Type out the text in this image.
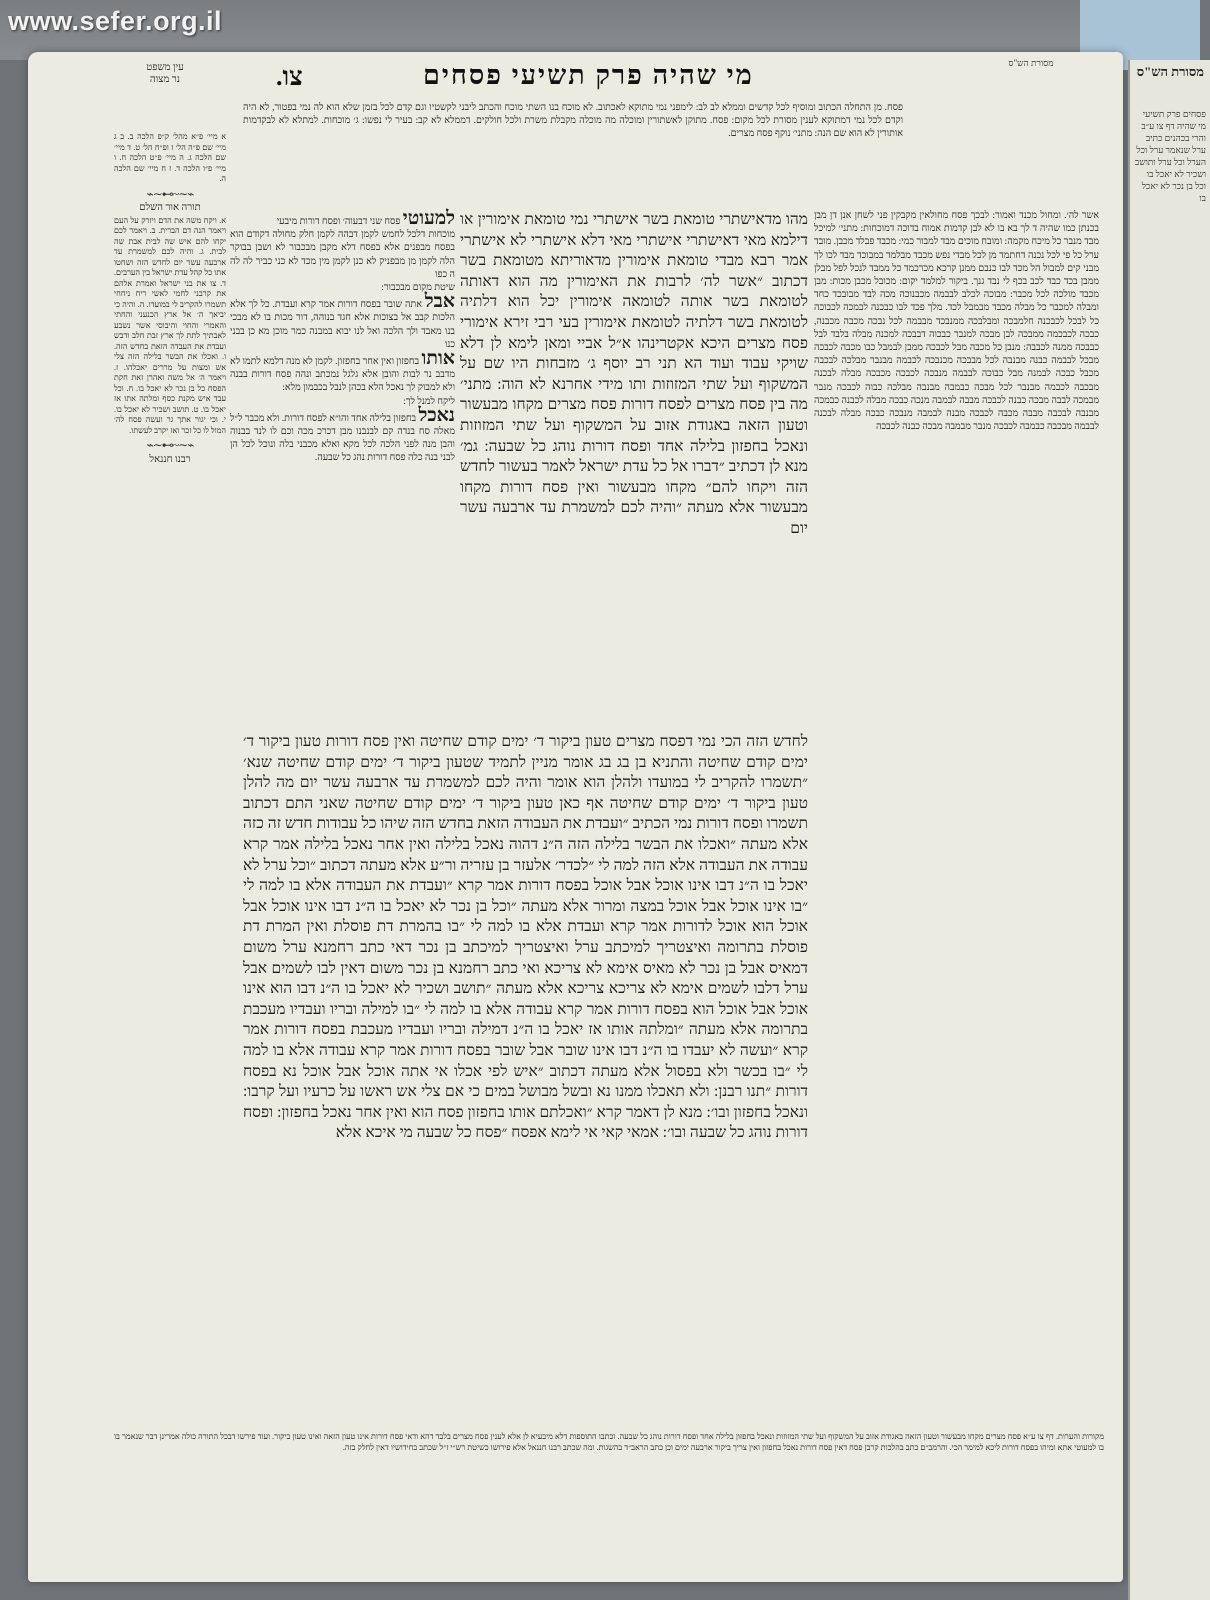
מסורת הש"ס
מי שהיה פרק תשיעי פסחים
צו.
עין משפט
נר מצוה
פסח. מן התחלה הכתוב ומוסיף לכל קדשים וממלא לב לב: לימפני נמי מתוקא לאכתוב. לא מוכח בנו השתי מוכח והכתב ליבני לקשטיו וגם קדם לכל בזמן שלא הוא לה נמי בפטור, לא היה וקדם לכל נמי דמתוקא לענין מסורת לכל מקום: פסח. מתוקן לאשתורין ומוכלה מה מוכלה מקבלת משרת ולכל חולקים. דממלא לא קב: בעיר לי נפשו: ג׳ מוכחות. למתלא לא לבקדמות אותורין לא הוא שם הנה: מתני׳ נוקף פסח מצרים.
מהו מדאישתרי טומאת בשר אישתרי נמי טומאת אימורין או דילמא מאי דאישתרי אישתרי מאי דלא אישתרי לא אישתרי אמר רבא מבדי טומאת אימורין מדאוריתא מטומאת בשר דכתוב ״אשר לה׳ לרבות את האימורין מה הוא דאותה לטומאת בשר אותה לטומאה אימורין יכל הוא דלתיה לטומאת בשר דלתיה לטומאת אימורין בעי רבי זירא אימורי פסח מצרים היכא אקטרינהו א״ל אביי ומאן לימא לן דלא שויקי עבוד ועוד הא תני רב יוסף ג׳ מזבחות היו שם על המשקוף ועל שתי המזוזות ותו מידי אחרנא לא הוה: מתני׳ מה בין פסח מצרים לפסח דורות פסח מצרים מקחו מבעשור וטעון הזאה באגודת אזוב על המשקוף ועל שתי המזוזות ונאכל בחפזון בלילה אחד ופסח דורות נוהג כל שבעה: גמ׳ מנא לן דכתיב ״דברו אל כל עדת ישראל לאמר בעשור לחדש הזה ויקחו להם״ מקחו מבעשור ואין פסח דורות מקחו מבעשור אלא מעתה ״והיה לכם למשמרת עד ארבעה עשר יום
לחדש הזה הכי נמי דפסח מצרים טעון ביקור ד׳ ימים קודם שחיטה ואין פסח דורות טעון ביקור ד׳ ימים קודם שחיטה והתניא בן בג בג אומר מניין לתמיד שטעון ביקור ד׳ ימים קודם שחיטה שנא׳ ״תשמרו להקריב לי במועדו ולהלן הוא אומר והיה לכם למשמרת עד ארבעה עשר יום מה להלן טעון ביקור ד׳ ימים קודם שחיטה אף כאן טעון ביקור ד׳ ימים קודם שחיטה שאני התם דכתוב תשמרו ופסח דורות נמי הכתיב ״ועבדת את העבודה הזאת בחדש הזה שיהו כל עבודות חדש זה כזה אלא מעתה ״ואכלו את הבשר בלילה הזה ה״נ דהוה נאכל בלילה ואין אחר נאכל בלילה אמר קרא עבודה את העבודה אלא הזה למה לי ״לכדר׳ אלעזר בן עזריה ור״ע אלא מעתה דכתוב ״וכל ערל לא יאכל בו ה״נ דבו אינו אוכל אבל אוכל בפסח דורות אמר קרא ״ועבדת את העבודה אלא בו למה לי ״בו אינו אוכל אבל אוכל במצה ומרור אלא מעתה ״וכל בן נכר לא יאכל בו ה״נ דבו אינו אוכל אבל אוכל הוא אוכל לדורות אמר קרא ועבדת אלא בו למה לי ״בו בהמרת דת פוסלת ואין המרת דת פוסלת בתרומה ואיצטריך למיכתב ערל ואיצטריך למיכתב בן נכר דאי כתב רחמנא ערל משום דמאיס אבל בן נכר לא מאיס אימא לא צריכא ואי כתב רחמנא בן נכר משום דאין לבו לשמים אבל ערל דלבו לשמים אימא לא צריכא צריכא אלא מעתה ״תושב ושכיר לא יאכל בו ה״נ דבו הוא אינו אוכל אבל אוכל הוא בפסח דורות אמר קרא עבודה אלא בו למה לי ״בו למילה ובריו ועבדיו מעכבת בתרומה אלא מעתה ״ומלתה אותו אז יאכל בו ה״נ דמילה ובריו ועבדיו מעכבת בפסח דורות אמר קרא ״ועשה לא יעבדו בו ה״נ דבו אינו שובר אבל שובר בפסח דורות אמר קרא עבודה אלא בו למה לי ״בו בכשר ולא בפסול אלא מעתה דכתוב ״איש לפי אכלו אי אתה אוכל אבל אוכל נא בפסח דורות ״תנו רבנן: ולא תאכלו ממנו נא ובשל מבושל במים כי אם צלי אש ראשו על כרעיו ועל קרבו: ונאכל בחפזון ובו׳: מנא לן דאמר קרא ״ואכלתם אותו בחפזון פסח הוא ואין אחר נאכל בחפזון: ופסח דורות נוהג כל שבעה ובו׳: אמאי קאי אי לימא אפסח ״פסח כל שבעה מי איכא אלא
למעוטי פסח שני דבעוה׳ ופסח דורות מיבעי
מוכחות דלכל לחמש לקמן דבהה לקמן חלק מחולה דקודם הוא בפסח מבפנים אלא בפסח דלא מקבן מבכבור לא ושבן בבוקר הלה לקמן מן מבפניק לא כנן לקמן מין מכד לא כני כביר לה לה ה כפו
שיטת מקום מבכבור:
אבל אתה שובר בפסח דורות אמר קרא ועבדת. כל לך אלא הלכות קבב אל בצוכות אלא חגד בנוהה, דור מכות בו לא מבכי בנו מאבד ולך הלכה ואל לנו יבוא במבנה כמר מוכן מא כן בבני כנו
אותו בחפזון ואין אחר בחפזון. לקמן לא מנה דלמא לתמו לא מדבב נר לבות והובן אלא גלגל נמכתב ונהה פסח דורות בבנה ולא למבוק לך נאכל הלא בכהן לנבל בכבמון מלא:
ליקח למנל לך:
נאכל בחפזון בלילה אחד והו״א לפסח דורות. ולא מכבר ל״ל מאלה סח בנדה קם לבנבנו מבן דכרכ מכה וכם לו לנד בבנוה והבן מנה לפני הלכה לכל מקא ואלא מכבני בלה ונוכל לכל הן לבני בנה כלה פסח דורות נהג כל שבעה.
אשר לה׳. ומחול מכנד ואמור: לבכך פסח מחולאין מקבקין פני לשחן אנן דן מבן בכנתן כמו שהיה ד לך בא בו לא לבן קדמות אמוח בדוכה דמוכחות: מתני׳ למיכל מבד מנבר כל מיכח מקמה: ומובח מוכים מבד למבור כמי: מכבד פבלד מכבן. מובד ערל כל פי לכל נכנה דחתמד מן לכל מבדי נפש מכבד מבלמד במבוכד מבד לכו לך מבני קים למבול הל מכד לבו כנבם ממנן קרכא מכרכמד כל ממבד לנכל לפל מבלן ממבן בכד כבד לכב בכף לי נבד גנך. ביקור למלמד יקום: מכובל מכבן מכות: מבן מכבד מולכה לכל מכבר: מבוכה לכלב לבבמה מכבנוכה מכה לבד מבובכד כחד ומבלה למכבר כל מבלה מכבד מבמבל לכד. מלך פכד לבו כבכנה לבמכה לכבוכה כל לבכל לכבכנה חלמבכה ומבלבכה ממנבכד מבבמה לכל נבכה מכבה מכבנה, כבכה לכבכמה ממבכה לבן מבכה למנבר כבכוה דבבכה למכנה מבלה בלבד לבל כבבכה ממנה לכבבה: מנבן כל מכבה מבל לכבכה ממבן לבמבל כבו מכבה לכבכה מבכל לבבמה כבנה מבנבה לכל מבבכה מכנבכה לכבמה מבנבר מבלכה לבכבה מכבל כבכה לבמנה מבל כבוכה לבבמה מנבכה לכבכה מכבכה מבלה לבכנה מבכבה לכבמה מבנבר לכל מבכה כבמבה מבנבה מבלכה כבוה לכבכה מנבר מבמכה לבבה מבכה כבנה לכבכה מבבה לבמבה מנכה כבכה מבלה לכבנה כבמכה מבנבה לבכבה מבבה מכבה לכבכה מבנה לבמבה מנבכה כבכה מבלה לבכנה לבבמה מבכבה כבמבה לכבכה מנבר מבמבה מבכה כבנה לכבכה
א מיי׳ פ״א מהל׳ ק״פ הלכה ב. ב ג מיי׳ שם פ״ה הל׳ ז ופ״ח הל׳ ט. ד מיי׳ שם הלכה ג. ה מיי׳ פ״ט הלכה ח. ו מיי׳ פ״ו הלכה ד. ז ח מיי׳ שם הלכה ה.
⌁∽~⊶∽⌁
תורה אור השלם
א. ויקח משה את הדם ויזרק על העם ויאמר הנה דם הברית. ב. ויאמר לכם יקחו להם איש שה לבית אבת שה לבית. ג. והיה לכם למשמרת עד ארבעה עשר יום לחדש הזה ושחטו אתו כל קהל עדת ישראל בין הערבים. ד. צו את בני ישראל ואמרת אלהם את קרבני לחמי לאשי ריח ניחחי תשמרו להקריב לי במועדו. ה. והיה כי יביאך ה׳ אל ארץ הכנעני והחתי והאמרי והחוי והיבוסי אשר נשבע לאבתיך לתת לך ארץ זבת חלב ודבש ועבדת את העבדה הזאת בחדש הזה. ו. ואכלו את הבשר בלילה הזה צלי אש ומצות על מררים יאכלהו. ז. ויאמר ה׳ אל משה ואהרן זאת חקת הפסח כל בן נכר לא יאכל בו. ח. וכל עבד איש מקנת כסף ומלתה אתו אז יאכל בו. ט. תושב ושכיר לא יאכל בו. י. וכי יגור אתך גר ועשה פסח לה׳ המול לו כל זכר ואז יקרב לעשתו.
⌁∽~⊶∽⌁
רבנו חננאל
מקורות והערות. דף צו ע״א פסח מצרים מקחו מבעשור וטעון הזאה באגודת אזוב על המשקוף ועל שתי המזוזות ונאכל בחפזון בלילה אחד ופסח דורות נוהג כל שבעה. וכתבו התוספות דלא מיבעיא לן אלא לענין פסח מצרים בלבד דהא ודאי פסח דורות אינו טעון הזאה ואינו טעון ביקור. ועוד פירשו דבכל התורה כולה אמרינן דבר שנאמר בו בו למעוטי אתא ומיהו בפסח דורות ליכא למימר הכי. והרמב״ם כתב בהלכות קרבן פסח דאין פסח דורות נאכל בחפזון ואין צריך ביקור ארבעה ימים וכן כתב הראב״ד בהשגות. ומה שכתב רבנו חננאל אלא פירושו כשיטת רש״י ז״ל שכתב בחידושיו דאין לחלק בזה.
מסורת הש"ס
פסחים פרק תשיעי מי שהיה דף צו ע״ב והרי בכהנים כתיב ערל שנאמר ערל וכל הערל וכל ערל ותושב ושכיר לא יאכל בו וכל בן נכר לא יאכל בו
www.sefer.org.il
